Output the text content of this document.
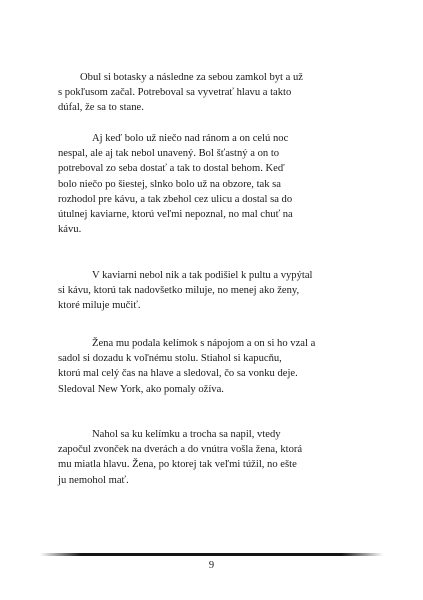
Obul si botasky a následne za sebou zamkol byt a už
s pokľusom začal. Potreboval sa vyvetrať hlavu a takto
dúfal, že sa to stane.

Aj keď bolo už niečo nad ránom a on celú noc
nespal, ale aj tak nebol unavený. Bol šťastný a on to
potreboval zo seba dostať a tak to dostal behom. Keď
bolo niečo po šiestej, slnko bolo už na obzore, tak sa
rozhodol pre kávu, a tak zbehol cez ulicu a dostal sa do
útulnej kaviarne, ktorú veľmi nepoznal, no mal chuť na
kávu.

V kaviarni nebol nik a tak podišiel k pultu a vypýtal
si kávu, ktorú tak nadovšetko miluje, no menej ako ženy,
ktoré miluje mučiť.

Žena mu podala kelímok s nápojom a on si ho vzal a
sadol si dozadu k voľnému stolu. Stiahol si kapucňu,
ktorú mal celý čas na hlave a sledoval, čo sa vonku deje.
Sledoval New York, ako pomaly ožíva.

Nahol sa ku kelímku a trocha sa napil, vtedy
započul zvonček na dverách a do vnútra vošla žena, ktorá
mu miatla hlavu. Žena, po ktorej tak veľmi túžil, no ešte
ju nemohol mať.

9
